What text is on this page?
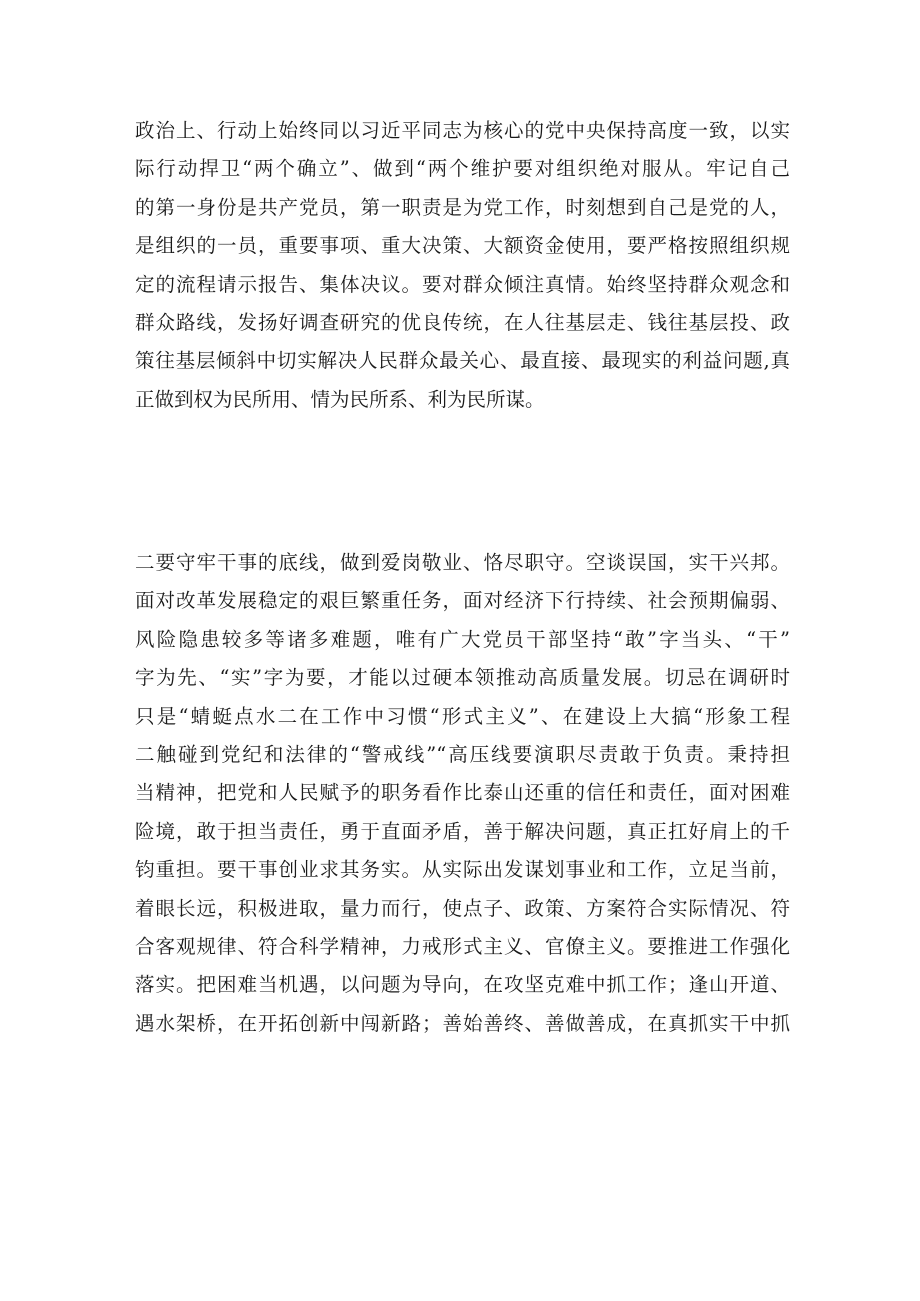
政治上、行动上始终同以习近平同志为核心的党中央保持高度一致，以实
际行动捍卫“两个确立”、做到“两个维护要对组织绝对服从。牢记自己
的第一身份是共产党员，第一职责是为党工作，时刻想到自己是党的人，
是组织的一员，重要事项、重大决策、大额资金使用，要严格按照组织规
定的流程请示报告、集体决议。要对群众倾注真情。始终坚持群众观念和
群众路线，发扬好调查研究的优良传统，在人往基层走、钱往基层投、政
策往基层倾斜中切实解决人民群众最关心、最直接、最现实的利益问题,真
正做到权为民所用、情为民所系、利为民所谋。
二要守牢干事的底线，做到爱岗敬业、恪尽职守。空谈误国，实干兴邦。
面对改革发展稳定的艰巨繁重任务，面对经济下行持续、社会预期偏弱、
风险隐患较多等诸多难题，唯有广大党员干部坚持“敢”字当头、“干”
字为先、“实”字为要，才能以过硬本领推动高质量发展。切忌在调研时
只是“蜻蜓点水二在工作中习惯“形式主义”、在建设上大搞“形象工程
二触碰到党纪和法律的“警戒线”“高压线要演职尽责敢于负责。秉持担
当精神，把党和人民赋予的职务看作比泰山还重的信任和责任，面对困难
险境，敢于担当责任，勇于直面矛盾，善于解决问题，真正扛好肩上的千
钧重担。要干事创业求其务实。从实际出发谋划事业和工作，立足当前，
着眼长远，积极进取，量力而行，使点子、政策、方案符合实际情况、符
合客观规律、符合科学精神，力戒形式主义、官僚主义。要推进工作强化
落实。把困难当机遇，以问题为导向，在攻坚克难中抓工作；逢山开道、
遇水架桥，在开拓创新中闯新路；善始善终、善做善成，在真抓实干中抓
